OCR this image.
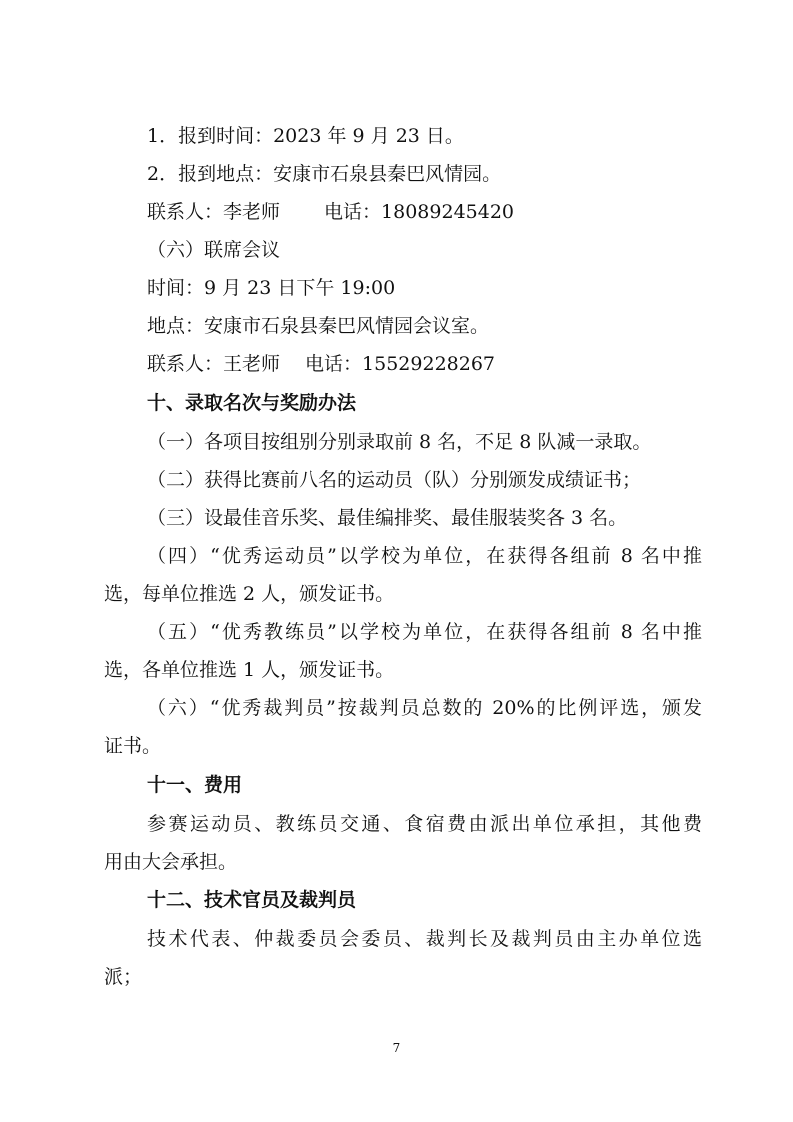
1．报到时间：2023 年 9 月 23 日。
2．报到地点：安康市石泉县秦巴风情园。
联系人：李老师　　 电话：18089245420
（六）联席会议
时间：9 月 23 日下午 19:00
地点：安康市石泉县秦巴风情园会议室。
联系人：王老师　 电话：15529228267
十、录取名次与奖励办法
（一）各项目按组别分别录取前 8 名，不足 8 队减一录取。
（二）获得比赛前八名的运动员（队）分别颁发成绩证书；
（三）设最佳音乐奖、最佳编排奖、最佳服装奖各 3 名。
（四）“优秀运动员”以学校为单位，在获得各组前 8 名中推
选，每单位推选 2 人，颁发证书。
（五）“优秀教练员”以学校为单位，在获得各组前 8 名中推
选，各单位推选 1 人，颁发证书。
（六）“优秀裁判员”按裁判员总数的 20%的比例评选，颁发
证书。
十一、费用
参赛运动员、教练员交通、食宿费由派出单位承担，其他费
用由大会承担。
十二、技术官员及裁判员
技术代表、仲裁委员会委员、裁判长及裁判员由主办单位选
派；
7
